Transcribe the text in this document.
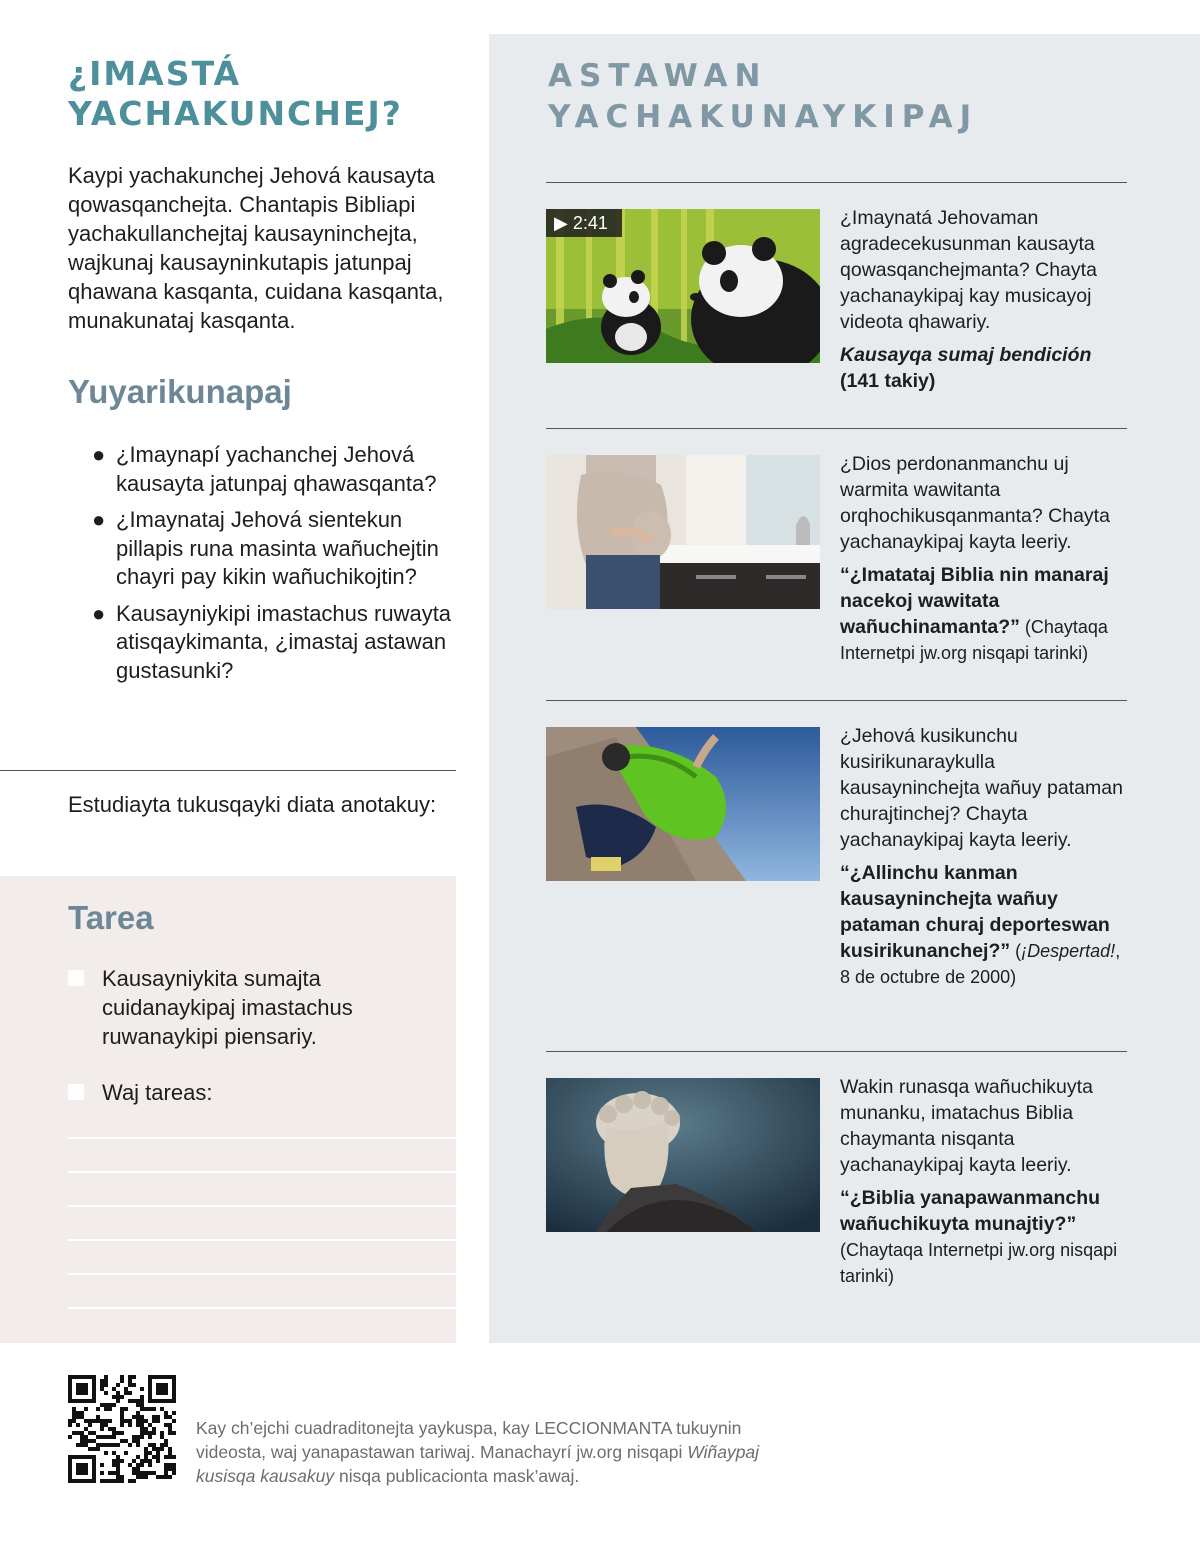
¿IMASTÁ
YACHAKUNCHEJ?

Kaypi yachakunchej Jehová kausayta qowasqanchejta. Chantapis Bibliapi yachakullanchejtaj kausayninchejta, wajkunaj kausayninkutapis jatunpaj qhawana kasqanta, cuidana kasqanta, munakunataj kasqanta.

Yuyarikunapaj
● ¿Imaynapí yachanchej Jehová kausayta jatunpaj qhawasqanta?
● ¿Imaynataj Jehová sientekun pillapis runa masinta wañuchejtin chayri pay kikin wañuchikojtin?
● Kausayniykipi imastachus ruwayta atisqaykimanta, ¿imastaj astawan gustasunki?

Estudiayta tukusqayki diata anotakuy:

Tarea
Kausayniykita sumajta cuidanaykipaj imastachus ruwanaykipi piensariy.
Waj tareas:
ASTAWAN
YACHAKUNAYKIPAJ
▶ 2:41	¿Imaynatá Jehovaman agradecekusunman kausayta qowasqanchejmanta? Chayta yachanaykipaj kay musicayoj videota qhawariy.
Kausayqa sumaj bendición (141 takiy)
¿Dios perdonanmanchu uj warmita wawitanta orqhochikusqanmanta? Chayta yachanaykipaj kayta leeriy.
“¿Imatataj Biblia nin manaraj nacekoj wawitata wañuchinamanta?” (Chaytaqa Internetpi jw.org nisqapi tarinki)
¿Jehová kusikunchu kusirikunaraykulla kausayninchejta wañuy pataman churajtinchej? Chayta yachanaykipaj kayta leeriy.
“¿Allinchu kanman kausayninchejta wañuy pataman churaj deporteswan kusirikunanchej?” (¡Despertad!, 8 de octubre de 2000)
Wakin runasqa wañuchikuyta munanku, imatachus Biblia chaymanta nisqanta yachanaykipaj kayta leeriy.
“¿Biblia yanapawanmanchu wañuchikuyta munajtiy?” (Chaytaqa Internetpi jw.org nisqapi tarinki)

Kay ch’ejchi cuadraditonejta yaykuspa, kay LECCIONMANTA tukuynin videosta, waj yanapastawan tariwaj. Manachayrí jw.org nisqapi Wiñaypaj kusisqa kausakuy nisqa publicacionta mask’awaj.
